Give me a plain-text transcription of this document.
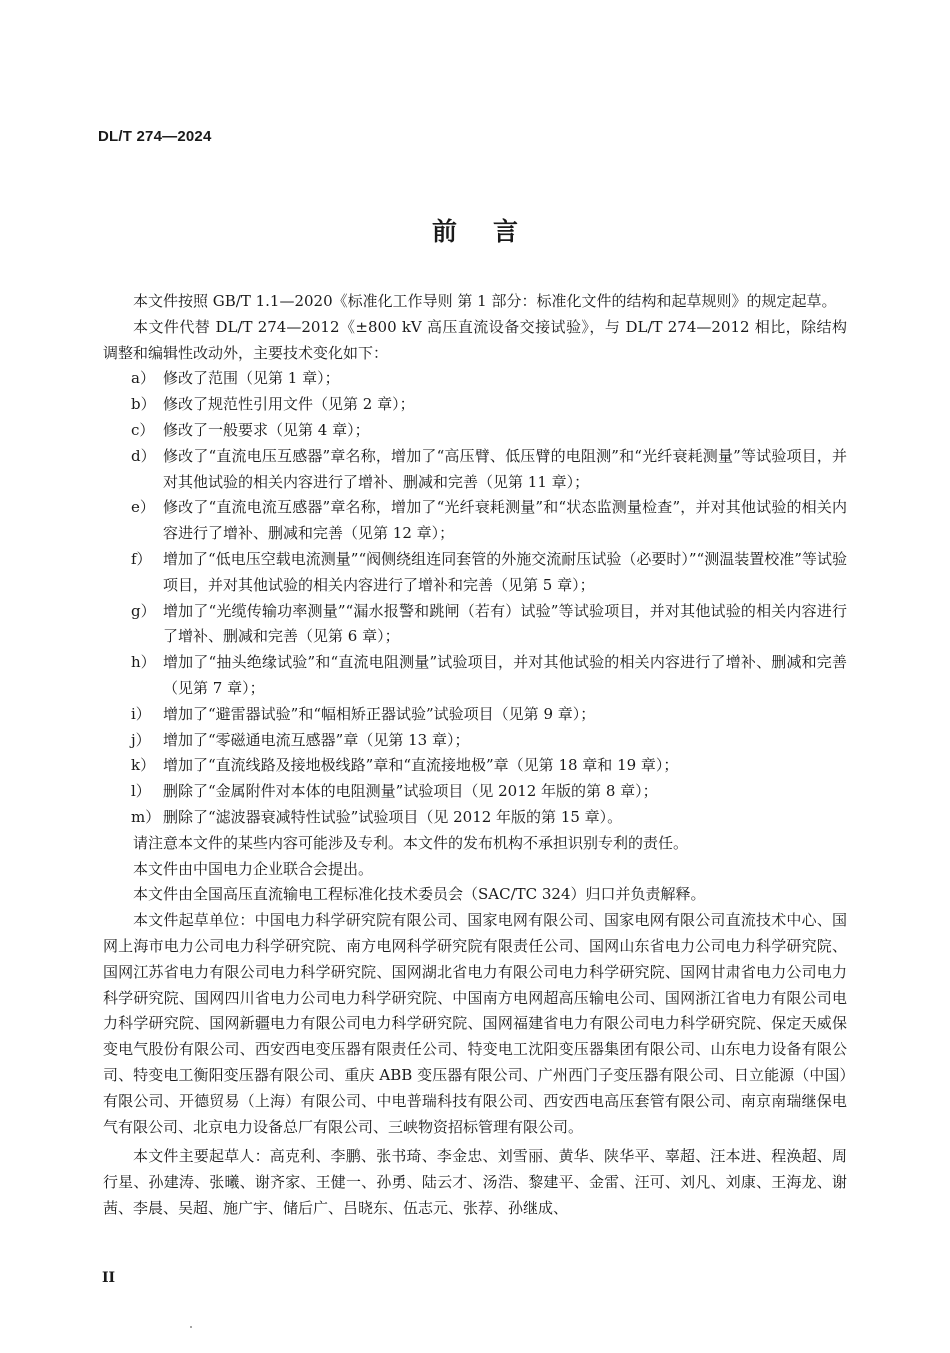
DL/T 274—2024
前言

本文件按照 GB/T 1.1—2020《标准化工作导则 第 1 部分：标准化文件的结构和起草规则》的规定起草。

本文件代替 DL/T 274—2012《±800 kV 高压直流设备交接试验》，与 DL/T 274—2012 相比，除结构调整和编辑性改动外，主要技术变化如下：

a） 修改了范围（见第 1 章）；
b） 修改了规范性引用文件（见第 2 章）；
c） 修改了一般要求（见第 4 章）；
d） 修改了“直流电压互感器”章名称，增加了“高压臂、低压臂的电阻测”和“光纤衰耗测量”等试验项目，并对其他试验的相关内容进行了增补、删减和完善（见第 11 章）；
e） 修改了“直流电流互感器”章名称，增加了“光纤衰耗测量”和“状态监测量检查”，并对其他试验的相关内容进行了增补、删减和完善（见第 12 章）；
f） 增加了“低电压空载电流测量”“阀侧绕组连同套管的外施交流耐压试验（必要时）”“测温装置校准”等试验项目，并对其他试验的相关内容进行了增补和完善（见第 5 章）；
g） 增加了“光缆传输功率测量”“漏水报警和跳闸（若有）试验”等试验项目，并对其他试验的相关内容进行了增补、删减和完善（见第 6 章）；
h） 增加了“抽头绝缘试验”和“直流电阻测量”试验项目，并对其他试验的相关内容进行了增补、删减和完善（见第 7 章）；
i） 增加了“避雷器试验”和“幅相矫正器试验”试验项目（见第 9 章）；
j） 增加了“零磁通电流互感器”章（见第 13 章）；
k） 增加了“直流线路及接地极线路”章和“直流接地极”章（见第 18 章和 19 章）；
l） 删除了“金属附件对本体的电阻测量”试验项目（见 2012 年版的第 8 章）；
m） 删除了“滤波器衰减特性试验”试验项目（见 2012 年版的第 15 章）。

请注意本文件的某些内容可能涉及专利。本文件的发布机构不承担识别专利的责任。

本文件由中国电力企业联合会提出。

本文件由全国高压直流输电工程标准化技术委员会（SAC/TC 324）归口并负责解释。

本文件起草单位：中国电力科学研究院有限公司、国家电网有限公司、国家电网有限公司直流技术中心、国网上海市电力公司电力科学研究院、南方电网科学研究院有限责任公司、国网山东省电力公司电力科学研究院、国网江苏省电力有限公司电力科学研究院、国网湖北省电力有限公司电力科学研究院、国网甘肃省电力公司电力科学研究院、国网四川省电力公司电力科学研究院、中国南方电网超高压输电公司、国网浙江省电力有限公司电力科学研究院、国网新疆电力有限公司电力科学研究院、国网福建省电力有限公司电力科学研究院、保定天威保变电气股份有限公司、西安西电变压器有限责任公司、特变电工沈阳变压器集团有限公司、山东电力设备有限公司、特变电工衡阳变压器有限公司、重庆 ABB 变压器有限公司、广州西门子变压器有限公司、日立能源（中国）有限公司、开德贸易（上海）有限公司、中电普瑞科技有限公司、西安西电高压套管有限公司、南京南瑞继保电气有限公司、北京电力设备总厂有限公司、三峡物资招标管理有限公司。

本文件主要起草人：高克利、李鹏、张书琦、李金忠、刘雪丽、黄华、陕华平、辜超、汪本进、程涣超、周行星、孙建涛、张曦、谢齐家、王健一、孙勇、陆云才、汤浩、黎建平、金雷、汪可、刘凡、刘康、王海龙、谢茜、李晨、吴超、施广宇、储后广、吕晓东、伍志元、张荐、孙继成、

II
